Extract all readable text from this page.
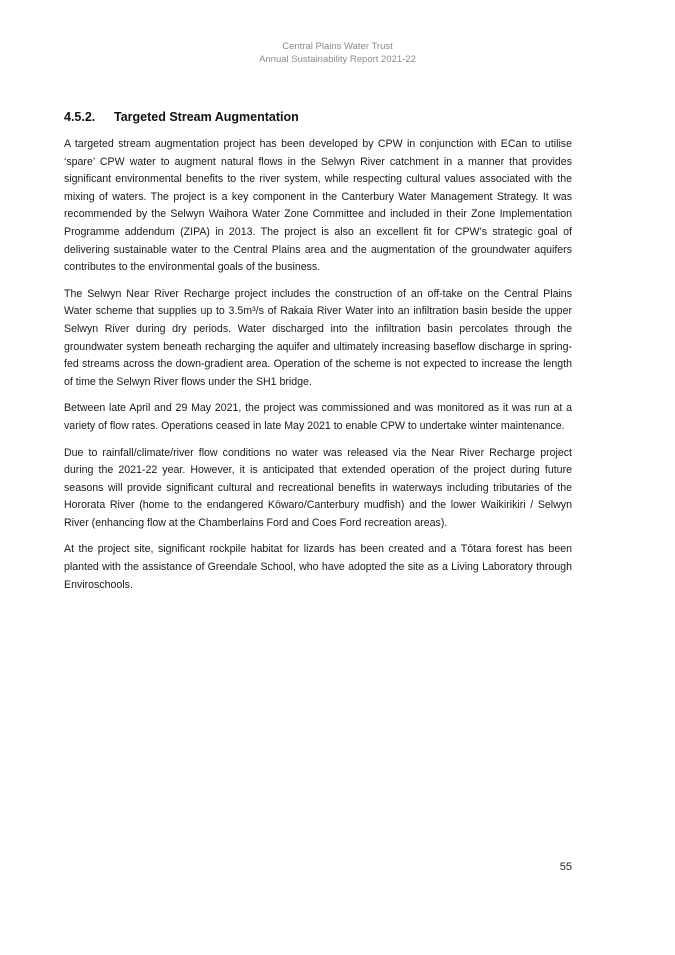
Central Plains Water Trust
Annual Sustainability Report 2021-22
4.5.2. Targeted Stream Augmentation

A targeted stream augmentation project has been developed by CPW in conjunction with ECan to utilise ‘spare’ CPW water to augment natural flows in the Selwyn River catchment in a manner that provides significant environmental benefits to the river system, while respecting cultural values associated with the mixing of waters. The project is a key component in the Canterbury Water Management Strategy. It was recommended by the Selwyn Waihora Water Zone Committee and included in their Zone Implementation Programme addendum (ZIPA) in 2013. The project is also an excellent fit for CPW’s strategic goal of delivering sustainable water to the Central Plains area and the augmentation of the groundwater aquifers contributes to the environmental goals of the business.

The Selwyn Near River Recharge project includes the construction of an off-take on the Central Plains Water scheme that supplies up to 3.5m³/s of Rakaia River Water into an infiltration basin beside the upper Selwyn River during dry periods. Water discharged into the infiltration basin percolates through the groundwater system beneath recharging the aquifer and ultimately increasing baseflow discharge in spring-fed streams across the down-gradient area. Operation of the scheme is not expected to increase the length of time the Selwyn River flows under the SH1 bridge.

Between late April and 29 May 2021, the project was commissioned and was monitored as it was run at a variety of flow rates. Operations ceased in late May 2021 to enable CPW to undertake winter maintenance.

Due to rainfall/climate/river flow conditions no water was released via the Near River Recharge project during the 2021-22 year. However, it is anticipated that extended operation of the project during future seasons will provide significant cultural and recreational benefits in waterways including tributaries of the Hororata River (home to the endangered Kōwaro/Canterbury mudfish) and the lower Waikirikiri / Selwyn River (enhancing flow at the Chamberlains Ford and Coes Ford recreation areas).

At the project site, significant rockpile habitat for lizards has been created and a Tōtara forest has been planted with the assistance of Greendale School, who have adopted the site as a Living Laboratory through Enviroschools.

55
